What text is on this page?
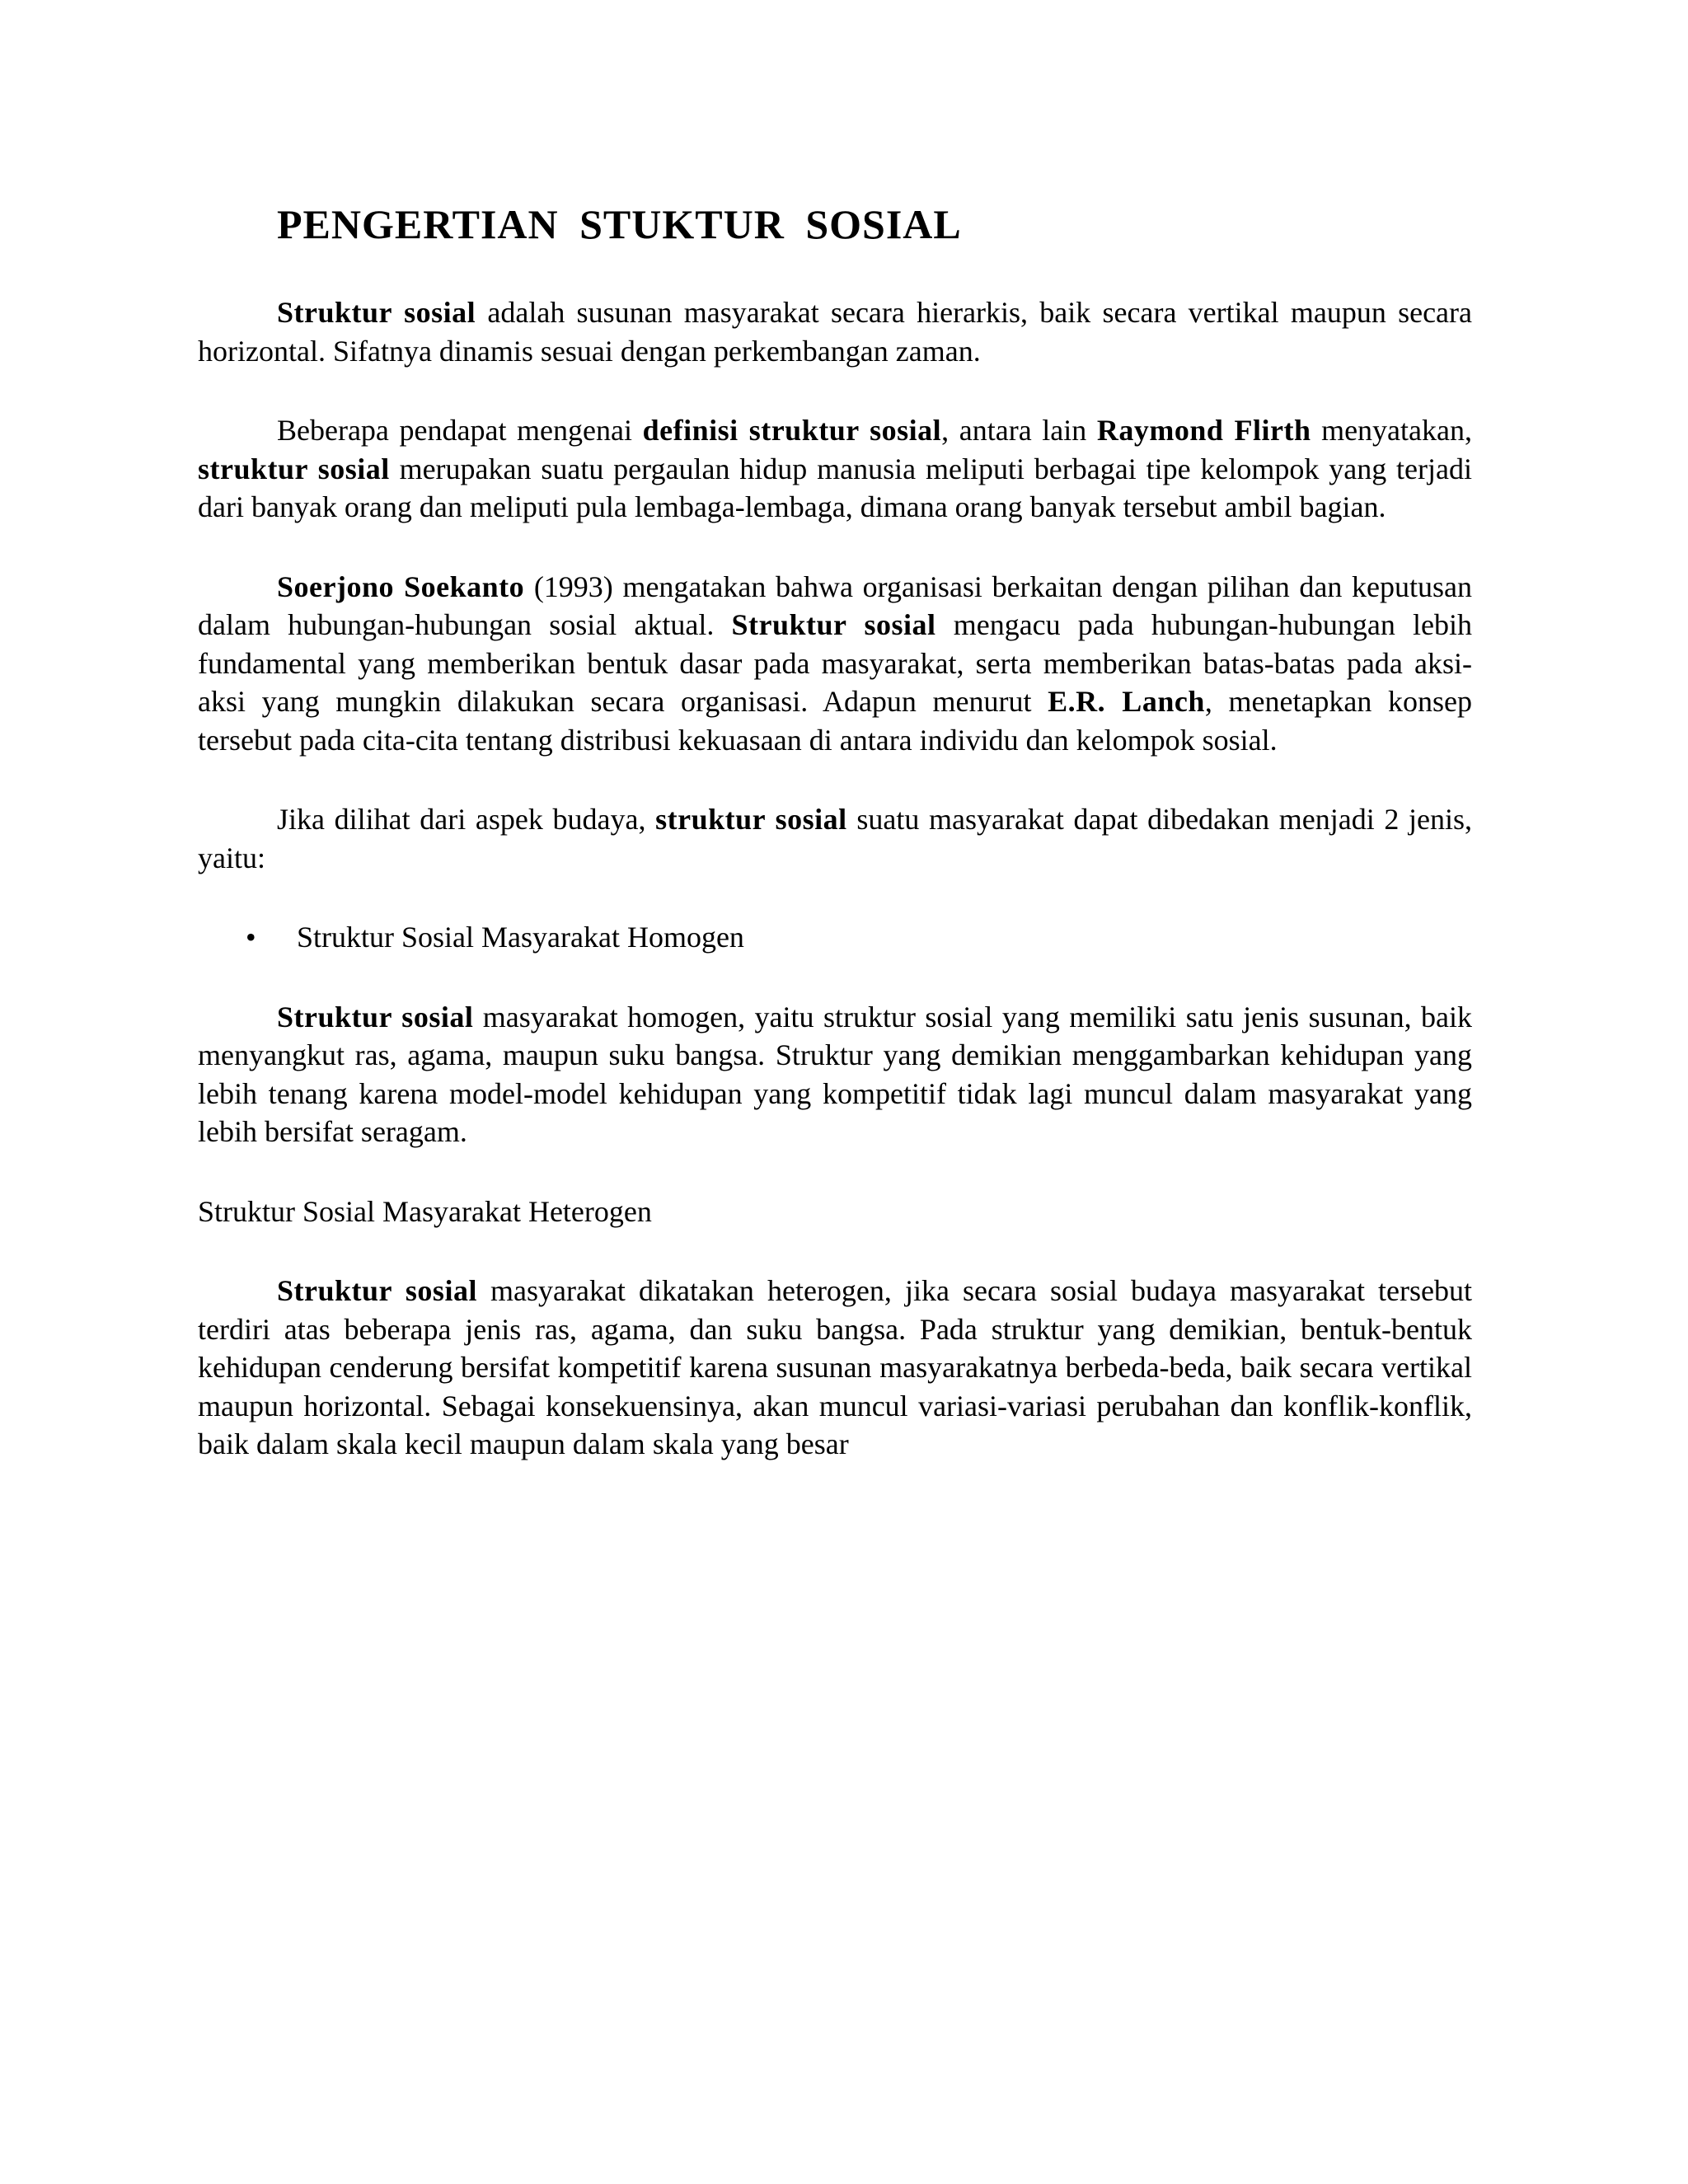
PENGERTIAN STUKTUR SOSIAL

Struktur sosial adalah susunan masyarakat secara hierarkis, baik secara vertikal maupun secara horizontal. Sifatnya dinamis sesuai dengan perkembangan zaman.

Beberapa pendapat mengenai definisi struktur sosial, antara lain Raymond Flirth menyatakan, struktur sosial merupakan suatu pergaulan hidup manusia meliputi berbagai tipe kelompok yang terjadi dari banyak orang dan meliputi pula lembaga-lembaga, dimana orang banyak tersebut ambil bagian.

Soerjono Soekanto (1993) mengatakan bahwa organisasi berkaitan dengan pilihan dan keputusan dalam hubungan-hubungan sosial aktual. Struktur sosial mengacu pada hubungan-hubungan lebih fundamental yang memberikan bentuk dasar pada masyarakat, serta memberikan batas-batas pada aksi-aksi yang mungkin dilakukan secara organisasi. Adapun menurut E.R. Lanch, menetapkan konsep tersebut pada cita-cita tentang distribusi kekuasaan di antara individu dan kelompok sosial.

Jika dilihat dari aspek budaya, struktur sosial suatu masyarakat dapat dibedakan menjadi 2 jenis, yaitu:

• Struktur Sosial Masyarakat Homogen

Struktur sosial masyarakat homogen, yaitu struktur sosial yang memiliki satu jenis susunan, baik menyangkut ras, agama, maupun suku bangsa. Struktur yang demikian menggambarkan kehidupan yang lebih tenang karena model-model kehidupan yang kompetitif tidak lagi muncul dalam masyarakat yang lebih bersifat seragam.

Struktur Sosial Masyarakat Heterogen

Struktur sosial masyarakat dikatakan heterogen, jika secara sosial budaya masyarakat tersebut terdiri atas beberapa jenis ras, agama, dan suku bangsa. Pada struktur yang demikian, bentuk-bentuk kehidupan cenderung bersifat kompetitif karena susunan masyarakatnya berbeda-beda, baik secara vertikal maupun horizontal. Sebagai konsekuensinya, akan muncul variasi-variasi perubahan dan konflik-konflik, baik dalam skala kecil maupun dalam skala yang besar
